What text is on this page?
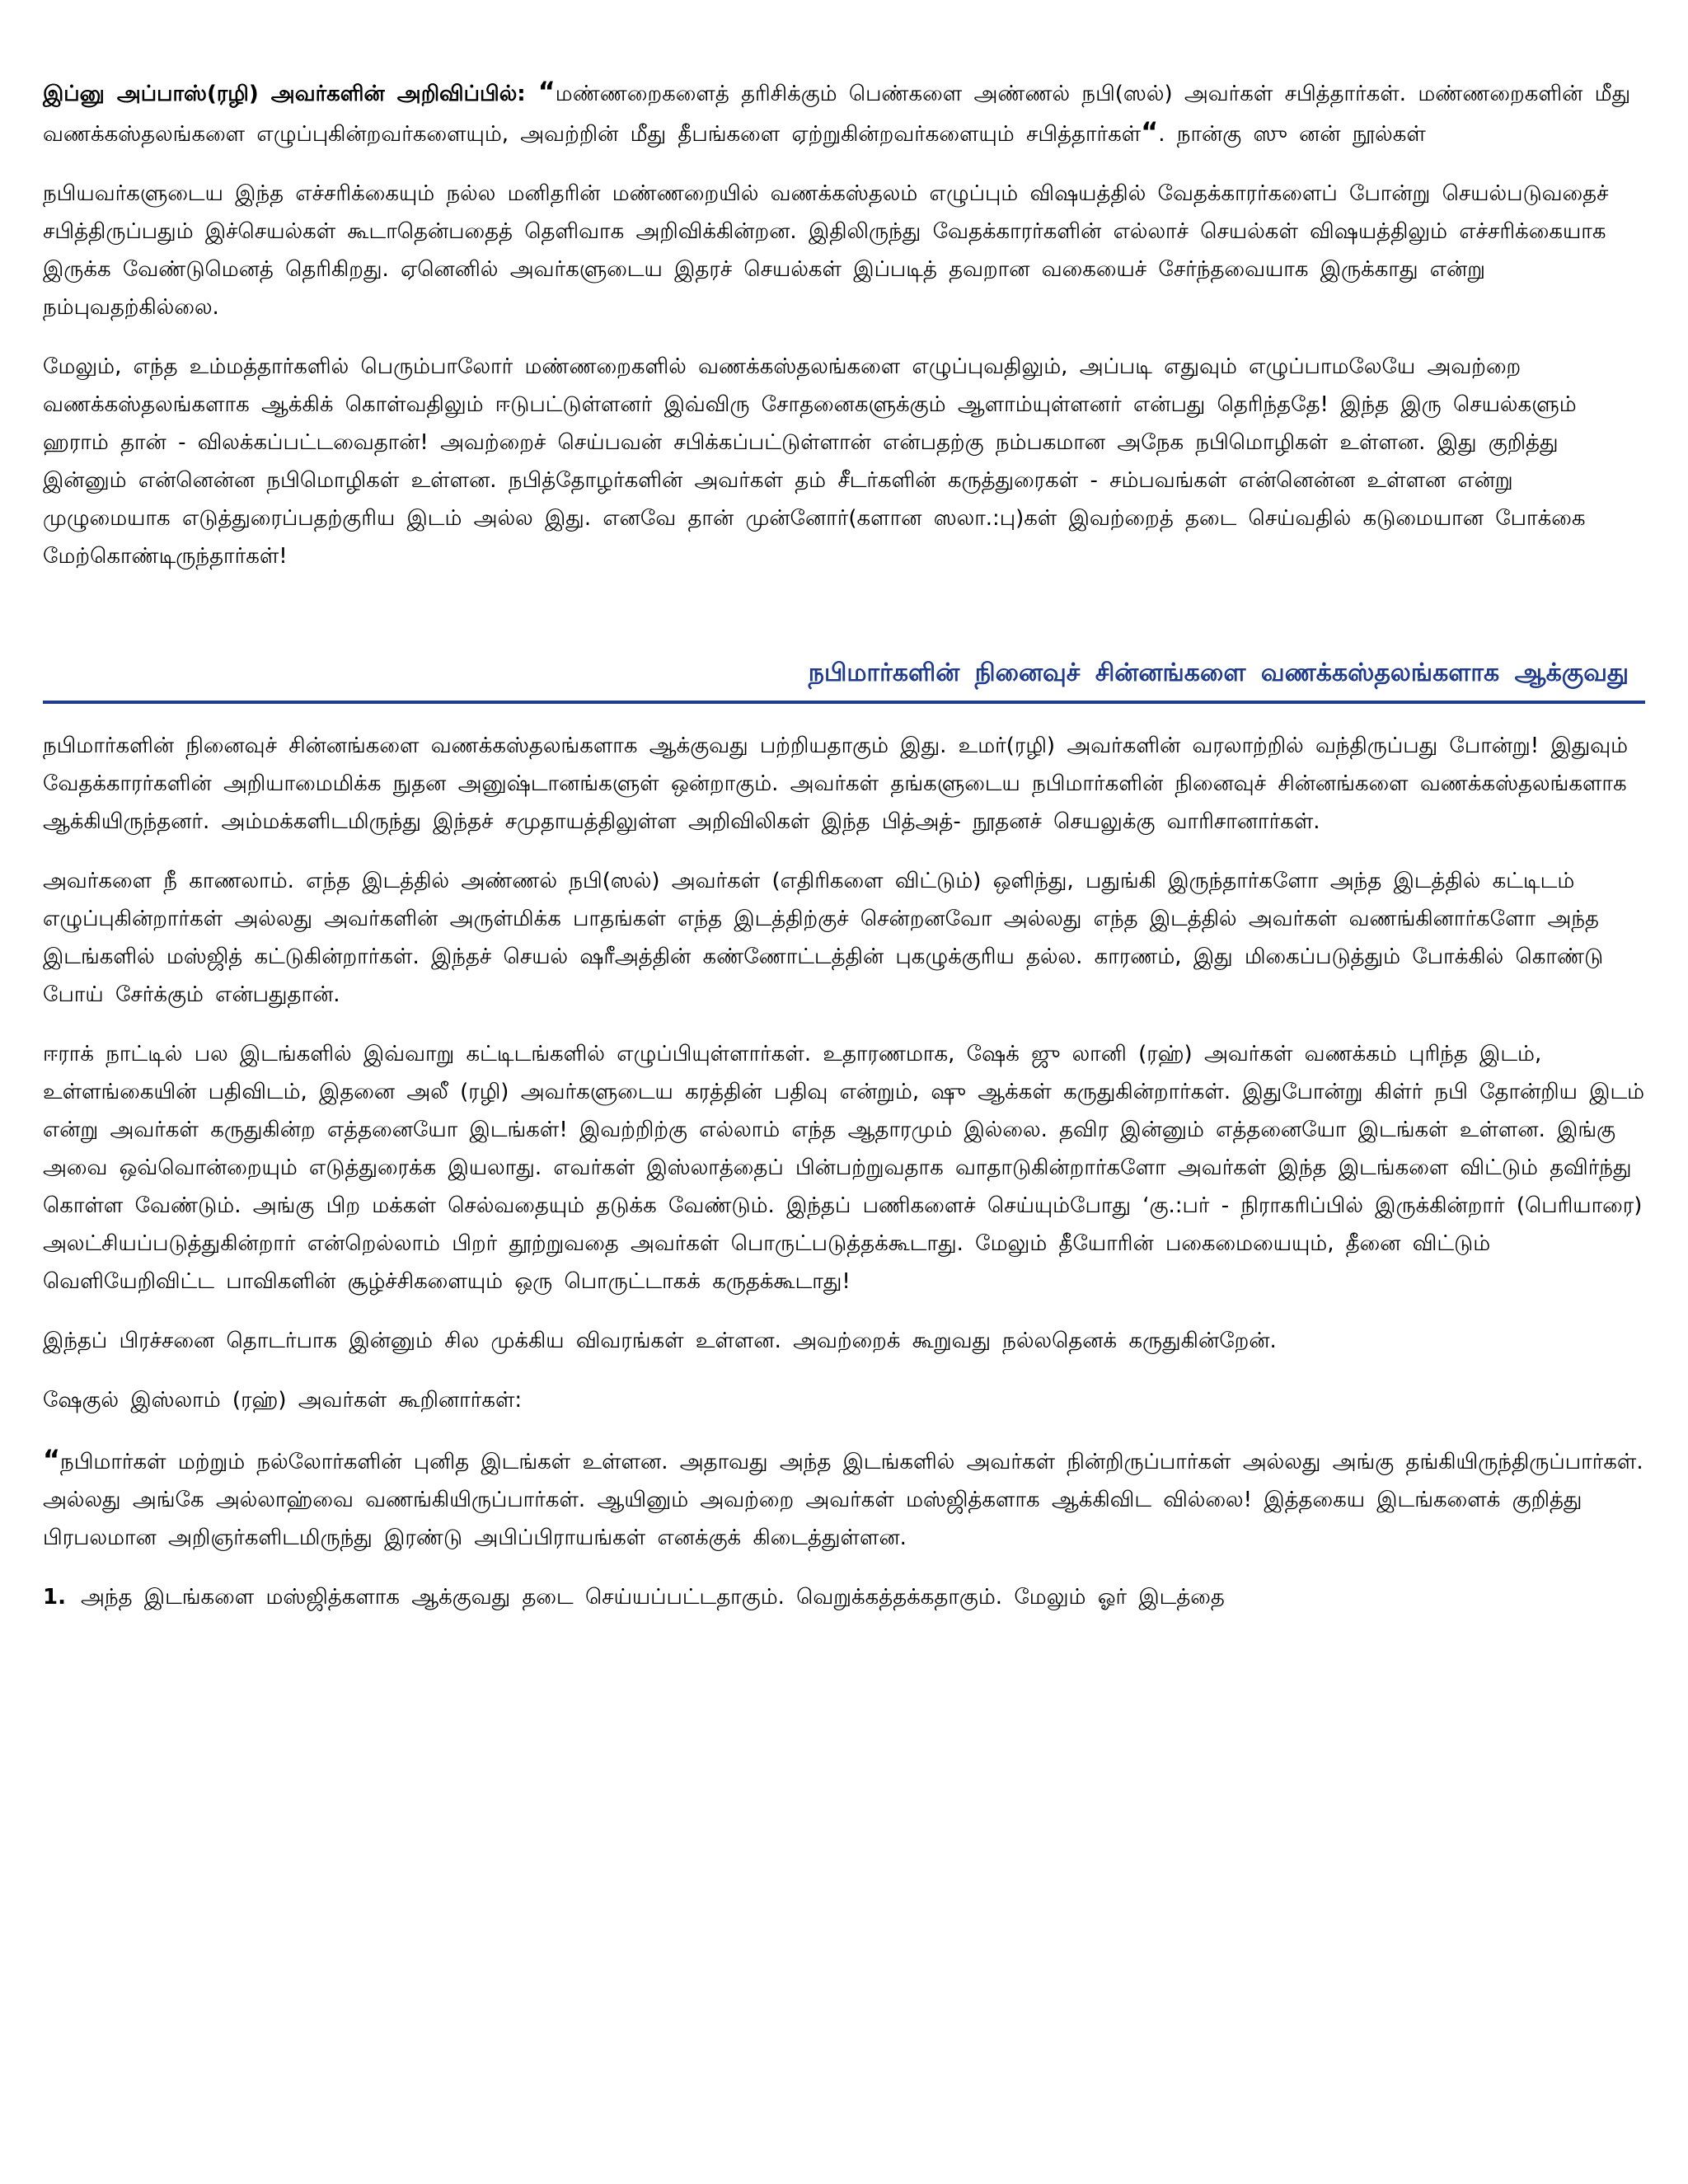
இப்னு அப்பாஸ்(ரழி) அவர்களின் அறிவிப்பில்: “மண்ணறைகளைத் தரிசிக்கும் பெண்களை அண்ணல் நபி(ஸல்) அவர்கள் சபித்தார்கள். மண்ணறைகளின் மீது வணக்கஸ்தலங்களை எழுப்புகின்றவர்களையும், அவற்றின் மீது தீபங்களை ஏற்றுகின்றவர்களையும் சபித்தார்கள்“. நான்கு ஸு னன் நூல்கள்

நபியவர்களுடைய இந்த எச்சரிக்கையும் நல்ல மனிதரின் மண்ணறையில் வணக்கஸ்தலம் எழுப்பும் விஷயத்தில் வேதக்காரர்களைப் போன்று செயல்படுவதைச் சபித்திருப்பதும் இச்செயல்கள் கூடாதென்பதைத் தெளிவாக அறிவிக்கின்றன. இதிலிருந்து வேதக்காரர்களின் எல்லாச் செயல்கள் விஷயத்திலும் எச்சரிக்கையாக இருக்க வேண்டுமெனத் தெரிகிறது. ஏனெனில் அவர்களுடைய இதரச் செயல்கள் இப்படித் தவறான வகையைச் சேர்ந்தவையாக இருக்காது என்று நம்புவதற்கில்லை.

மேலும், எந்த உம்மத்தார்களில் பெரும்பாலோர் மண்ணறைகளில் வணக்கஸ்தலங்களை எழுப்புவதிலும், அப்படி எதுவும் எழுப்பாமலேயே அவற்றை வணக்கஸ்தலங்களாக ஆக்கிக் கொள்வதிலும் ஈடுபட்டுள்ளனர் இவ்விரு சோதனைகளுக்கும் ஆளாம்யுள்ளனர் என்பது தெரிந்ததே! இந்த இரு செயல்களும் ஹராம் தான் - விலக்கப்பட்டவைதான்! அவற்றைச் செய்பவன் சபிக்கப்பட்டுள்ளான் என்பதற்கு நம்பகமான அநேக நபிமொழிகள் உள்ளன. இது குறித்து இன்னும் என்னென்ன நபிமொழிகள் உள்ளன. நபித்தோழர்களின் அவர்கள் தம் சீடர்களின் கருத்துரைகள் - சம்பவங்கள் என்னென்ன உள்ளன என்று முழுமையாக எடுத்துரைப்பதற்குரிய இடம் அல்ல இது. எனவே தான் முன்னோர்(களான ஸலா.:பு)கள் இவற்றைத் தடை செய்வதில் கடுமையான போக்கை மேற்கொண்டிருந்தார்கள்!

நபிமார்களின் நினைவுச் சின்னங்களை வணக்கஸ்தலங்களாக ஆக்குவது

நபிமார்களின் நினைவுச் சின்னங்களை வணக்கஸ்தலங்களாக ஆக்குவது பற்றியதாகும் இது. உமர்(ரழி) அவர்களின் வரலாற்றில் வந்திருப்பது போன்று! இதுவும் வேதக்காரர்களின் அறியாமைமிக்க நுதன அனுஷ்டானங்களுள் ஒன்றாகும். அவர்கள் தங்களுடைய நபிமார்களின் நினைவுச் சின்னங்களை வணக்கஸ்தலங்களாக ஆக்கியிருந்தனர். அம்மக்களிடமிருந்து இந்தச் சமுதாயத்திலுள்ள அறிவிலிகள் இந்த பித்அத்- நூதனச் செயலுக்கு வாரிசானார்கள்.

அவர்களை நீ காணலாம். எந்த இடத்தில் அண்ணல் நபி(ஸல்) அவர்கள் (எதிரிகளை விட்டும்) ஒளிந்து, பதுங்கி இருந்தார்களோ அந்த இடத்தில் கட்டிடம் எழுப்புகின்றார்கள் அல்லது அவர்களின் அருள்மிக்க பாதங்கள் எந்த இடத்திற்குச் சென்றனவோ அல்லது எந்த இடத்தில் அவர்கள் வணங்கினார்களோ அந்த இடங்களில் மஸ்ஜித் கட்டுகின்றார்கள். இந்தச் செயல் ஷரீஅத்தின் கண்ணோட்டத்தின் புகழுக்குரிய தல்ல. காரணம், இது மிகைப்படுத்தும் போக்கில் கொண்டு போய் சேர்க்கும் என்பதுதான்.

ஈராக் நாட்டில் பல இடங்களில் இவ்வாறு கட்டிடங்களில் எழுப்பியுள்ளார்கள். உதாரணமாக, ஷேக் ஜு லானி (ரஹ்) அவர்கள் வணக்கம் புரிந்த இடம், உள்ளங்கையின் பதிவிடம், இதனை அலீ (ரழி) அவர்களுடைய கரத்தின் பதிவு என்றும், ஷு ஆக்கள் கருதுகின்றார்கள். இதுபோன்று கிள்ர் நபி தோன்றிய இடம் என்று அவர்கள் கருதுகின்ற எத்தனையோ இடங்கள்! இவற்றிற்கு எல்லாம் எந்த ஆதாரமும் இல்லை. தவிர இன்னும் எத்தனையோ இடங்கள் உள்ளன. இங்கு அவை ஒவ்வொன்றையும் எடுத்துரைக்க இயலாது. எவர்கள் இஸ்லாத்தைப் பின்பற்றுவதாக வாதாடுகின்றார்களோ அவர்கள் இந்த இடங்களை விட்டும் தவிர்ந்து கொள்ள வேண்டும். அங்கு பிற மக்கள் செல்வதையும் தடுக்க வேண்டும். இந்தப் பணிகளைச் செய்யும்போது ‘கு.:பர் - நிராகரிப்பில் இருக்கின்றார் (பெரியாரை) அலட்சியப்படுத்துகின்றார் என்றெல்லாம் பிறர் தூற்றுவதை அவர்கள் பொருட்படுத்தக்கூடாது. மேலும் தீயோரின் பகைமையையும், தீனை விட்டும் வெளியேறிவிட்ட பாவிகளின் சூழ்ச்சிகளையும் ஒரு பொருட்டாகக் கருதக்கூடாது!

இந்தப் பிரச்சனை தொடர்பாக இன்னும் சில முக்கிய விவரங்கள் உள்ளன. அவற்றைக் கூறுவது நல்லதெனக் கருதுகின்றேன்.

ஷேகுல் இஸ்லாம் (ரஹ்) அவர்கள் கூறினார்கள்:

“நபிமார்கள் மற்றும் நல்லோர்களின் புனித இடங்கள் உள்ளன. அதாவது அந்த இடங்களில் அவர்கள் நின்றிருப்பார்கள் அல்லது அங்கு தங்கியிருந்திருப்பார்கள். அல்லது அங்கே அல்லாஹ்வை வணங்கியிருப்பார்கள். ஆயினும் அவற்றை அவர்கள் மஸ்ஜித்களாக ஆக்கிவிட வில்லை! இத்தகைய இடங்களைக் குறித்து பிரபலமான அறிஞர்களிடமிருந்து இரண்டு அபிப்பிராயங்கள் எனக்குக் கிடைத்துள்ளன.

1. அந்த இடங்களை மஸ்ஜித்களாக ஆக்குவது தடை செய்யப்பட்டதாகும். வெறுக்கத்தக்கதாகும். மேலும் ஓர் இடத்தை
